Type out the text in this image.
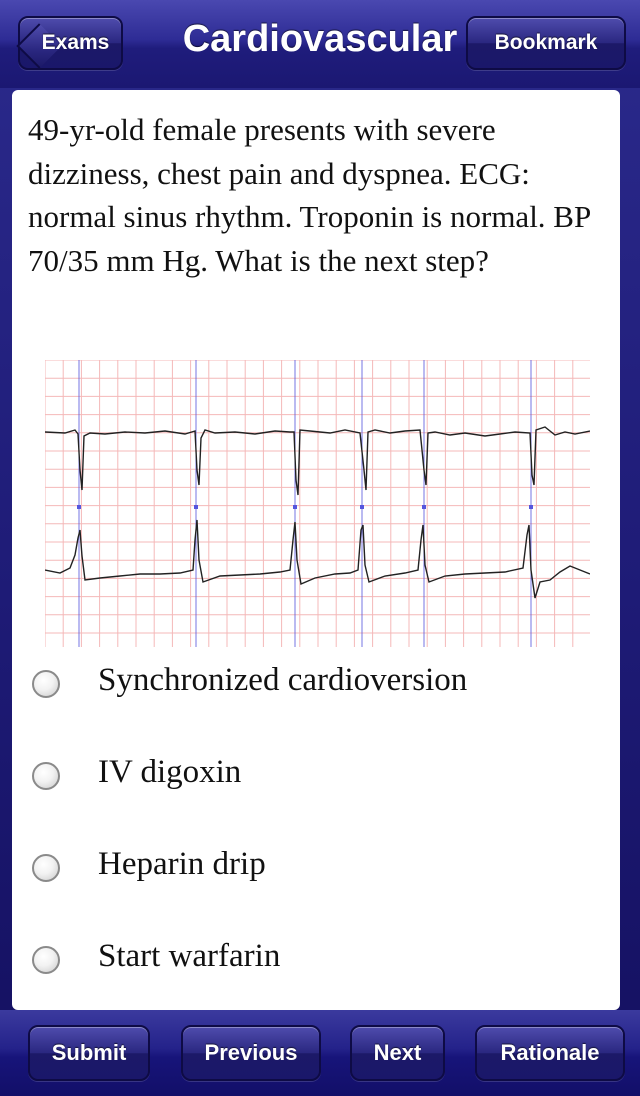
Exams	Cardiovascular	Bookmark
49-yr-old female presents with severe dizziness, chest pain and dyspnea. ECG: normal sinus rhythm. Troponin is normal. BP 70/35 mm Hg. What is the next step?
Synchronized cardioversion
IV digoxin
Heparin drip
Start warfarin
Submit	Previous	Next	Rationale
